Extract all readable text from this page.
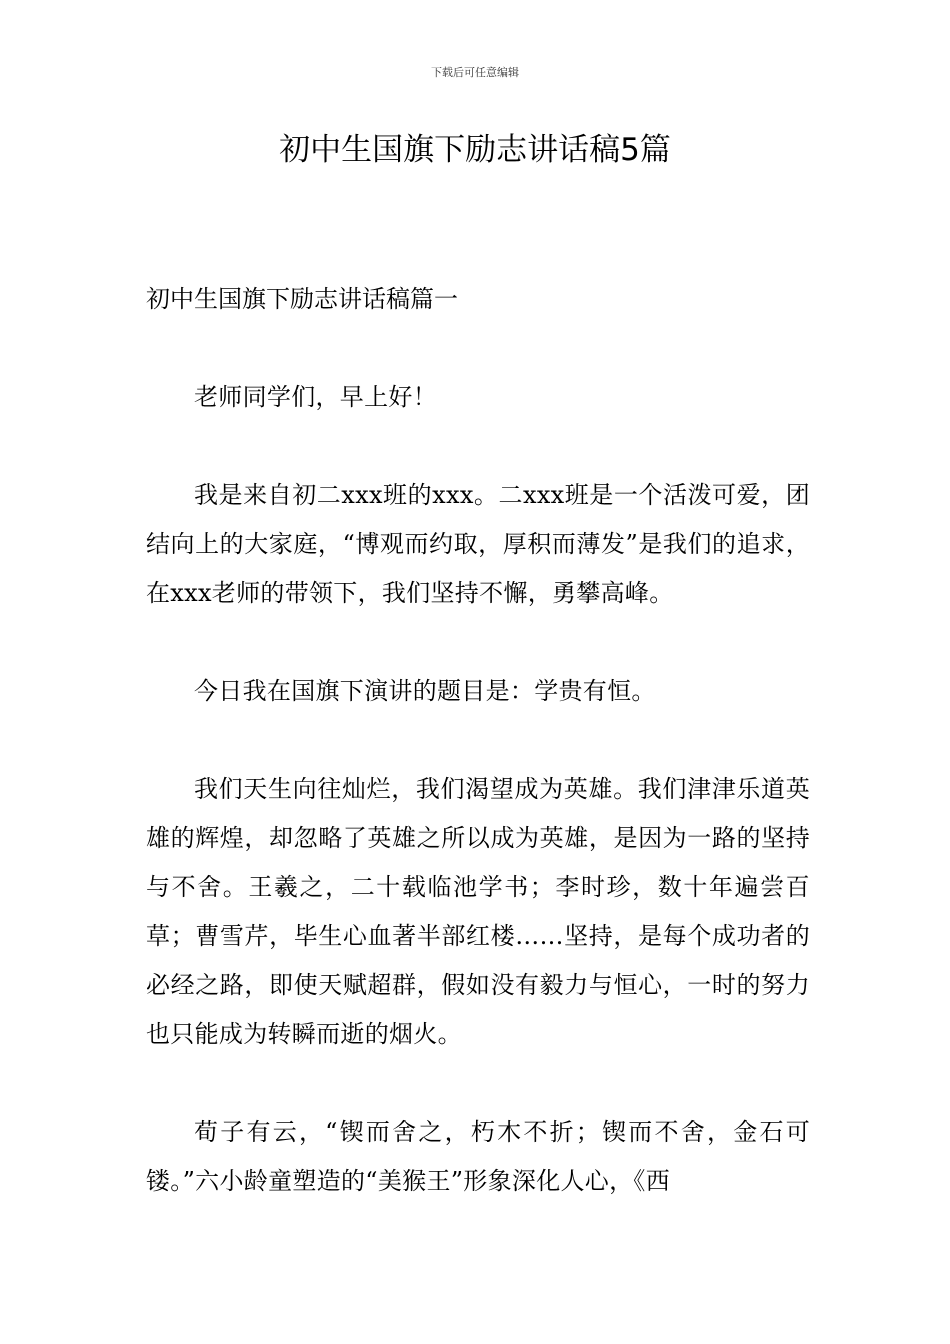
下载后可任意编辑
初中生国旗下励志讲话稿5篇

初中生国旗下励志讲话稿篇一

老师同学们，早上好！

我是来自初二xxx班的xxx。二xxx班是一个活泼可爱，团结向上的大家庭，“博观而约取，厚积而薄发”是我们的追求，在xxx老师的带领下，我们坚持不懈，勇攀高峰。

今日我在国旗下演讲的题目是：学贵有恒。

我们天生向往灿烂，我们渴望成为英雄。我们津津乐道英雄的辉煌，却忽略了英雄之所以成为英雄，是因为一路的坚持与不舍。王羲之，二十载临池学书；李时珍，数十年遍尝百草；曹雪芹，毕生心血著半部红楼……坚持，是每个成功者的必经之路，即使天赋超群，假如没有毅力与恒心，一时的努力也只能成为转瞬而逝的烟火。

荀子有云，“锲而舍之，朽木不折；锲而不舍，金石可镂。”六小龄童塑造的“美猴王”形象深化人心，《西
